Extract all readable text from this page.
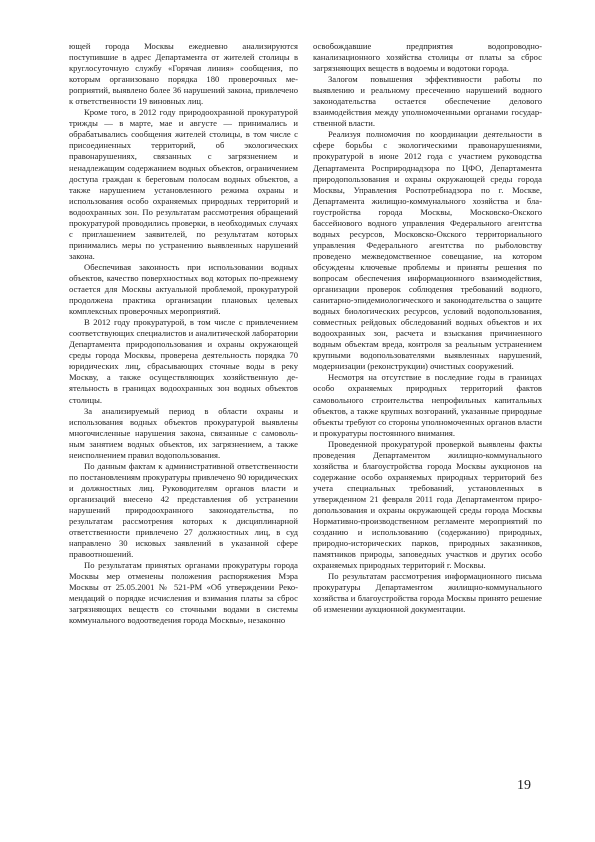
ющей города Москвы ежедневно анализируются поступившие в адрес Департамента от жителей столицы в круглосуточную службу «Горячая линия» сообщения, по которым организовано порядка 180 проверочных мероприятий, выявлено более 36 нарушений закона, привлечено к ответственности 19 виновных лиц.

Кроме того, в 2012 году природоохранной прокуратурой трижды — в марте, мае и августе — принимались и обрабатывались сообщения жителей столицы, в том числе с присоединенных территорий, об экологических правонарушениях, связанных с загрязнением и ненадлежащим содержанием водных объектов, ограничением доступа граждан к береговым полосам водных объектов, а также нарушением установленного режима охраны и использования особо охраняемых природных территорий и водоохранных зон. По результатам рассмотрения обращений прокуратурой проводились проверки, в необходимых случаях с приглашением заявителей, по результатам которых принимались меры по устранению выявленных нарушений закона.

Обеспечивая законность при использовании водных объектов, качество поверхностных вод которых по-прежнему остается для Москвы актуальной проблемой, прокуратурой продолжена практика организации плановых целевых комплексных проверочных мероприятий.

В 2012 году прокуратурой, в том числе с привлечением соответствующих специалистов и аналитической лаборатории Департамента природопользования и охраны окружающей среды города Москвы, проверена деятельность порядка 70 юридических лиц, сбрасывающих сточные воды в реку Москву, а также осуществляющих хозяйственную деятельность в границах водоохранных зон водных объектов столицы.

За анализируемый период в области охраны и использования водных объектов прокуратурой выявлены многочисленные нарушения закона, связанные с самовольным занятием водных объектов, их загрязнением, а также неисполнением правил водопользования.

По данным фактам к административной ответственности по постановлениям прокуратуры привлечено 90 юридических и должностных лиц. Руководителям органов власти и организаций внесено 42 представления об устранении нарушений природоохранного законодательства, по результатам рассмотрения которых к дисциплинарной ответственности привлечено 27 должностных лиц, в суд направлено 30 исковых заявлений в указанной сфере правоотношений.

По результатам принятых органами прокуратуры города Москвы мер отменены положения распоряжения Мэра Москвы от 25.05.2001 № 521-РМ «Об утверждении Рекомендаций о порядке исчисления и взимания платы за сброс загрязняющих веществ со сточными водами в системы коммунального водоотведения города Москвы», незаконно

освобождавшие предприятия водопроводно-канализационного хозяйства столицы от платы за сброс загрязняющих веществ в водоемы и водотоки города.

Залогом повышения эффективности работы по выявлению и реальному пресечению нарушений водного законодательства остается обеспечение делового взаимодействия между уполномоченными органами государственной власти.

Реализуя полномочия по координации деятельности в сфере борьбы с экологическими правонарушениями, прокуратурой в июне 2012 года с участием руководства Департамента Росприроднадзора по ЦФО, Департамента природопользования и охраны окружающей среды города Москвы, Управления Роспотребнадзора по г. Москве, Департамента жилищно-коммунального хозяйства и благоустройства города Москвы, Московско-Окского бассейнового водного управления Федерального агентства водных ресурсов, Московско-Окского территориального управления Федерального агентства по рыболовству проведено межведомственное совещание, на котором обсуждены ключевые проблемы и приняты решения по вопросам обеспечения информационного взаимодействия, организации проверок соблюдения требований водного, санитарно-эпидемиологического и законодательства о защите водных биологических ресурсов, условий водопользования, совместных рейдовых обследований водных объектов и их водоохранных зон, расчета и взыскания причиненного водным объектам вреда, контроля за реальным устранением крупными водопользователями выявленных нарушений, модернизации (реконструкции) очистных сооружений.

Несмотря на отсутствие в последние годы в границах особо охраняемых природных территорий фактов самовольного строительства непрофильных капитальных объектов, а также крупных возгораний, указанные природные объекты требуют со стороны уполномоченных органов власти и прокуратуры постоянного внимания.

Проведенной прокуратурой проверкой выявлены факты проведения Департаментом жилищно-коммунального хозяйства и благоустройства города Москвы аукционов на содержание особо охраняемых природных территорий без учета специальных требований, установленных в утвержденном 21 февраля 2011 года Департаментом природопользования и охраны окружающей среды города Москвы Нормативно-производственном регламенте мероприятий по созданию и использованию (содержанию) природных, природно-исторических парков, природных заказников, памятников природы, заповедных участков и других особо охраняемых природных территорий г. Москвы.

По результатам рассмотрения информационного письма прокуратуры Департаментом жилищно-коммунального хозяйства и благоустройства города Москвы принято решение об изменении аукционной документации.

19
